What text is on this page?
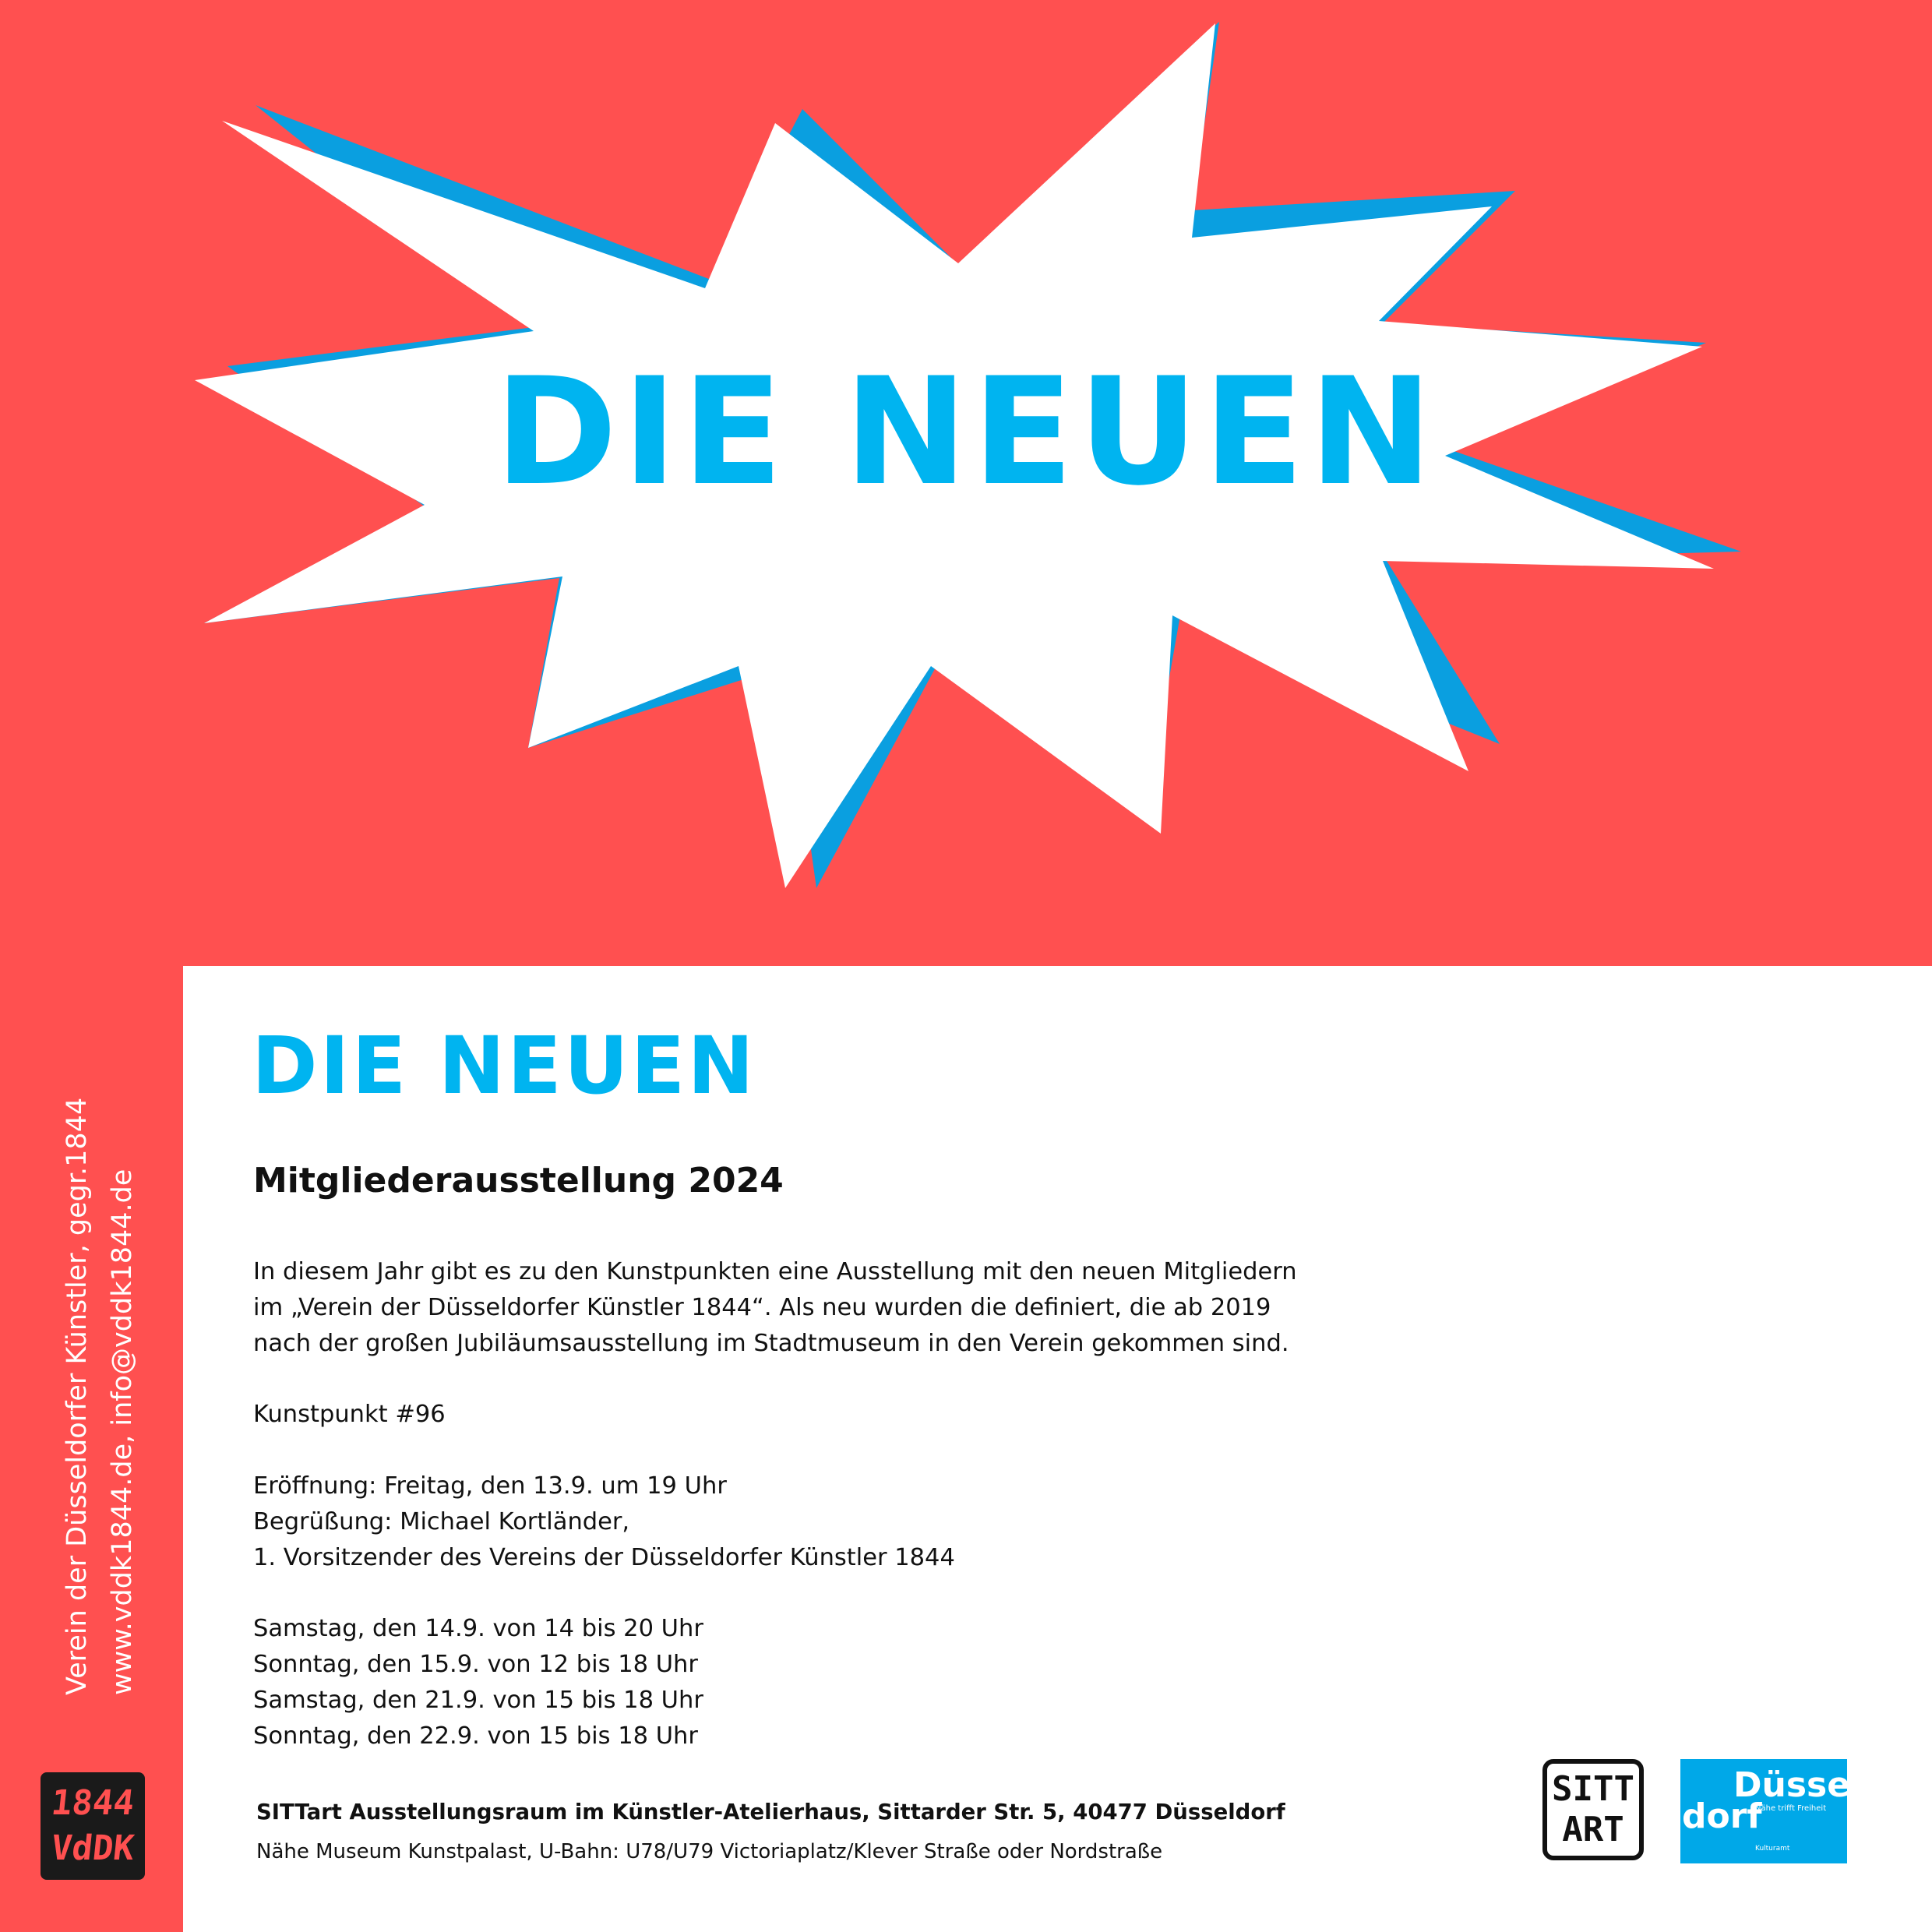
DIE NEUEN
Verein der Düsseldorfer Künstler, gegr.1844 www.vddk1844.de, info@vddk1844.de
1844
VdDK
DIE NEUEN
Mitgliederausstellung 2024
In diesem Jahr gibt es zu den Kunstpunkten eine Ausstellung mit den neuen Mitgliedern
im „Verein der Düsseldorfer Künstler 1844“. Als neu wurden die definiert, die ab 2019
nach der großen Jubiläumsausstellung im Stadtmuseum in den Verein gekommen sind.
Kunstpunkt #96
Eröffnung: Freitag, den 13.9. um 19 Uhr
Begrüßung: Michael Kortländer,
1. Vorsitzender des Vereins der Düsseldorfer Künstler 1844
Samstag, den 14.9. von 14 bis 20 Uhr
Sonntag, den 15.9. von 12 bis 18 Uhr
Samstag, den 21.9. von 15 bis 18 Uhr
Sonntag, den 22.9. von 15 bis 18 Uhr
SITTart Ausstellungsraum im Künstler-Atelierhaus, Sittarder Str. 5, 40477 Düsseldorf
Nähe Museum Kunstpalast, U-Bahn: U78/U79 Victoriaplatz/Klever Straße oder Nordstraße
SITT
ART
Düssel
dorf
Nähe trifft Freiheit
Kulturamt
